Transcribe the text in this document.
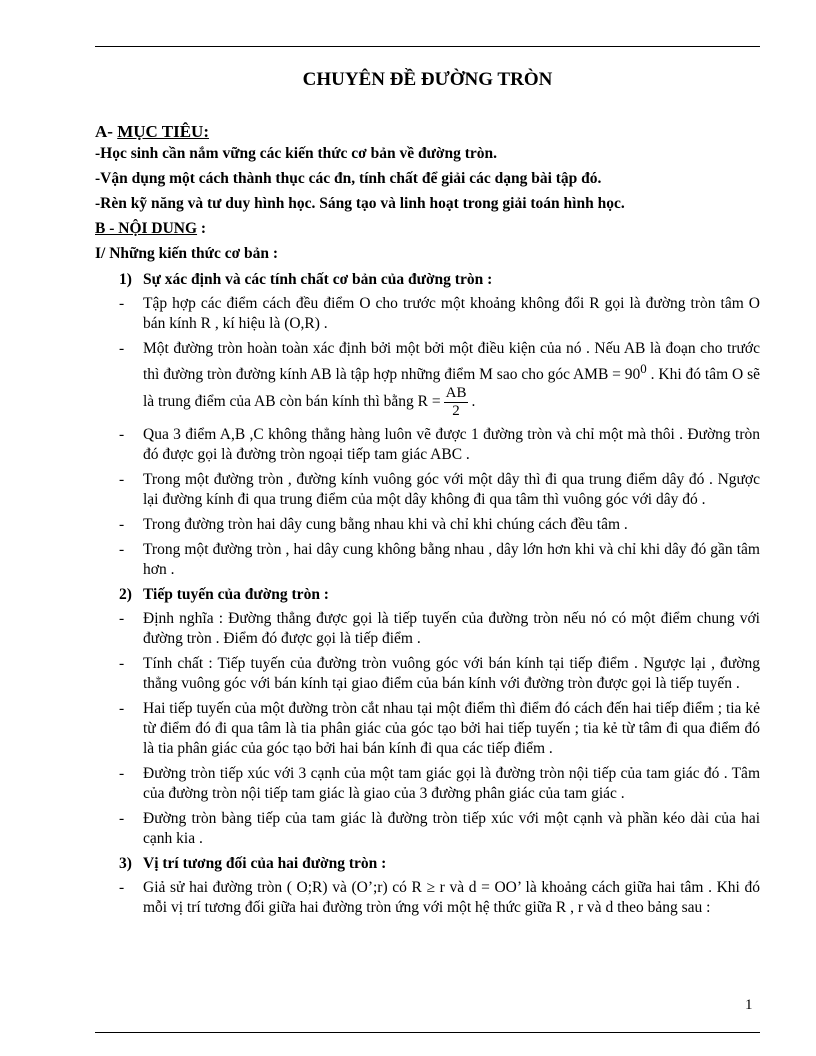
CHUYÊN ĐỀ ĐƯỜNG TRÒN
A- MỤC TIÊU:
-Học sinh cần nắm vững các kiến thức cơ bản về đường tròn.
-Vận dụng một cách thành thục các đn, tính chất để giải các dạng bài tập đó.
-Rèn kỹ năng và tư duy hình học. Sáng tạo và linh hoạt trong giải toán hình học.
B - NỘI DUNG :
I/ Những kiến thức cơ bản :
1) Sự xác định và các tính chất cơ bản của đường tròn :
- Tập hợp các điểm cách đều điểm O cho trước một khoảng không đổi R gọi là đường tròn tâm O bán kính R , kí hiệu là (O,R) .
- Một đường tròn hoàn toàn xác định bởi một bởi một điều kiện của nó . Nếu AB là đoạn cho trước thì đường tròn đường kính AB là tập hợp những điểm M sao cho góc AMB = $90^0$ . Khi đó tâm O sẽ là trung điểm của AB còn bán kính thì bằng $R = \frac{AB}{2}$ .
- Qua 3 điểm A,B ,C không thẳng hàng luôn vẽ được 1 đường tròn và chỉ một mà thôi . Đường tròn đó được gọi là đường tròn ngoại tiếp tam giác ABC .
- Trong một đường tròn , đường kính vuông góc với một dây thì đi qua trung điểm dây đó . Ngược lại đường kính đi qua trung điểm của một dây không đi qua tâm thì vuông góc với dây đó .
- Trong đường tròn hai dây cung bằng nhau khi và chỉ khi chúng cách đều tâm .
- Trong một đường tròn , hai dây cung không bằng nhau , dây lớn hơn khi và chỉ khi dây đó gần tâm hơn .
2) Tiếp tuyến của đường tròn :
- Định nghĩa : Đường thẳng được gọi là tiếp tuyến của đường tròn nếu nó có một điểm chung với đường tròn . Điểm đó được gọi là tiếp điểm .
- Tính chất : Tiếp tuyến của đường tròn vuông góc với bán kính tại tiếp điểm . Ngược lại , đường thẳng vuông góc với bán kính tại giao điểm của bán kính với đường tròn được gọi là tiếp tuyến .
- Hai tiếp tuyến của một đường tròn cắt nhau tại một điểm thì điểm đó cách đến hai tiếp điểm ; tia kẻ từ điểm đó đi qua tâm là tia phân giác của góc tạo bởi hai tiếp tuyến ; tia kẻ từ tâm đi qua điểm đó là tia phân giác của góc tạo bởi hai bán kính đi qua các tiếp điểm .
- Đường tròn tiếp xúc với 3 cạnh của một tam giác gọi là đường tròn nội tiếp của tam giác đó . Tâm của đường tròn nội tiếp tam giác là giao của 3 đường phân giác của tam giác .
- Đường tròn bàng tiếp của tam giác là đường tròn tiếp xúc với một cạnh và phần kéo dài của hai cạnh kia .
3) Vị trí tương đối của hai đường tròn :
- Giả sử hai đường tròn ( O;R) và (O’;r) có R ≥ r và d = OO’ là khoảng cách giữa hai tâm . Khi đó mỗi vị trí tương đối giữa hai đường tròn ứng với một hệ thức giữa R , r và d theo bảng sau :
1
